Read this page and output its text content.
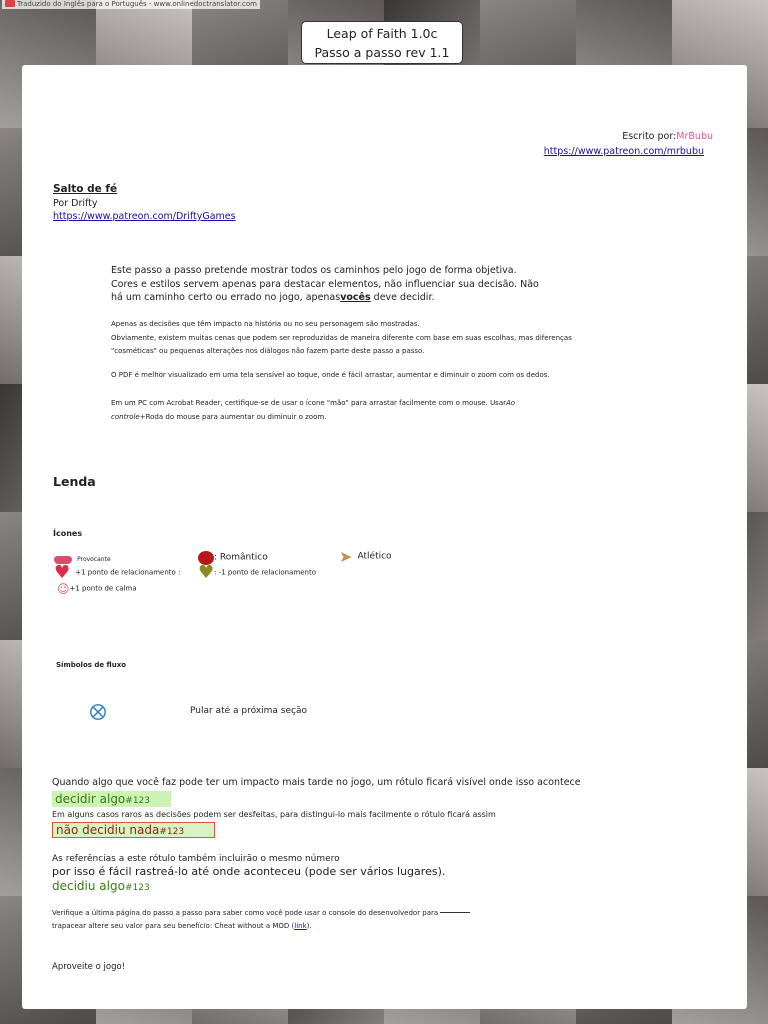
Traduzido do Inglês para o Português - www.onlinedoctranslator.com
Leap of Faith 1.0c
Passo a passo rev 1.1
Escrito por:MrBubu
https://www.patreon.com/mrbubu
Salto de fé
Por Drifty
https://www.patreon.com/DriftyGames
Este passo a passo pretende mostrar todos os caminhos pelo jogo de forma objetiva.
Cores e estilos servem apenas para destacar elementos, não influenciar sua decisão. Não
há um caminho certo ou errado no jogo, apenasvocês deve decidir.
Apenas as decisões que têm impacto na história ou no seu personagem são mostradas.
Obviamente, existem muitas cenas que podem ser reproduzidas de maneira diferente com base em suas escolhas, mas diferenças
"cosméticas" ou pequenas alterações nos diálogos não fazem parte deste passo a passo.
O PDF é melhor visualizado em uma tela sensível ao toque, onde é fácil arrastar, aumentar e diminuir o zoom com os dedos.
Em um PC com Acrobat Reader, certifique-se de usar o ícone "mão" para arrastar facilmente com o mouse. UsarAo
controle+Roda do mouse para aumentar ou diminuir o zoom.
Lenda
Ícones
Provocante	: Romântico	➤ Atlético
♥ +1 ponto de relacionamento : ♥: -1 ponto de relacionamento
☺+1 ponto de calma
Símbolos de fluxo
Pular até a próxima seção
Quando algo que você faz pode ter um impacto mais tarde no jogo, um rótulo ficará visível onde isso acontece
decidir algo#123
Em alguns casos raros as decisões podem ser desfeitas, para distingui-lo mais facilmente o rótulo ficará assim
não decidiu nada#123
As referências a este rótulo também incluirão o mesmo número
por isso é fácil rastreá-lo até onde aconteceu (pode ser vários lugares).
decidiu algo#123
Verifique a última página do passo a passo para saber como você pode usar o console do desenvolvedor para
trapacear altere seu valor para seu benefício: Cheat without a MOD (link).
Aproveite o jogo!
